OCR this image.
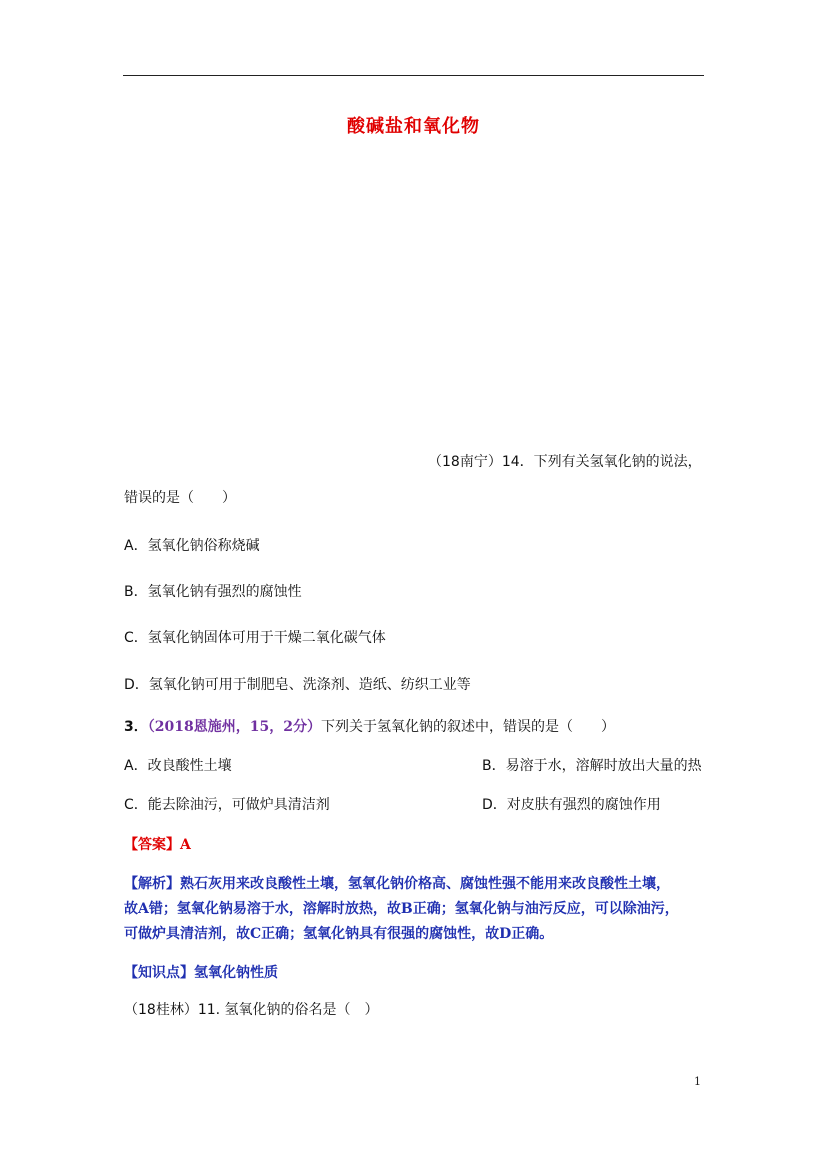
酸碱盐和氧化物
（18南宁）14．下列有关氢氧化钠的说法，
错误的是（　　）
A．氢氧化钠俗称烧碱
B．氢氧化钠有强烈的腐蚀性
C．氢氧化钠固体可用于干燥二氧化碳气体
D．氢氧化钠可用于制肥皂、洗涤剂、造纸、纺织工业等
3．（2018恩施州，15，2分）下列关于氢氧化钠的叙述中，错误的是（　　）
A．改良酸性土壤	B．易溶于水，溶解时放出大量的热
C．能去除油污，可做炉具清洁剂	D．对皮肤有强烈的腐蚀作用
【答案】A
【解析】熟石灰用来改良酸性土壤，氢氧化钠价格高、腐蚀性强不能用来改良酸性土壤，
故A错；氢氧化钠易溶于水，溶解时放热，故B正确；氢氧化钠与油污反应，可以除油污，
可做炉具清洁剂，故C正确；氢氧化钠具有很强的腐蚀性，故D正确。
【知识点】氢氧化钠性质
（18桂林）11. 氢氧化钠的俗名是（　）
1
